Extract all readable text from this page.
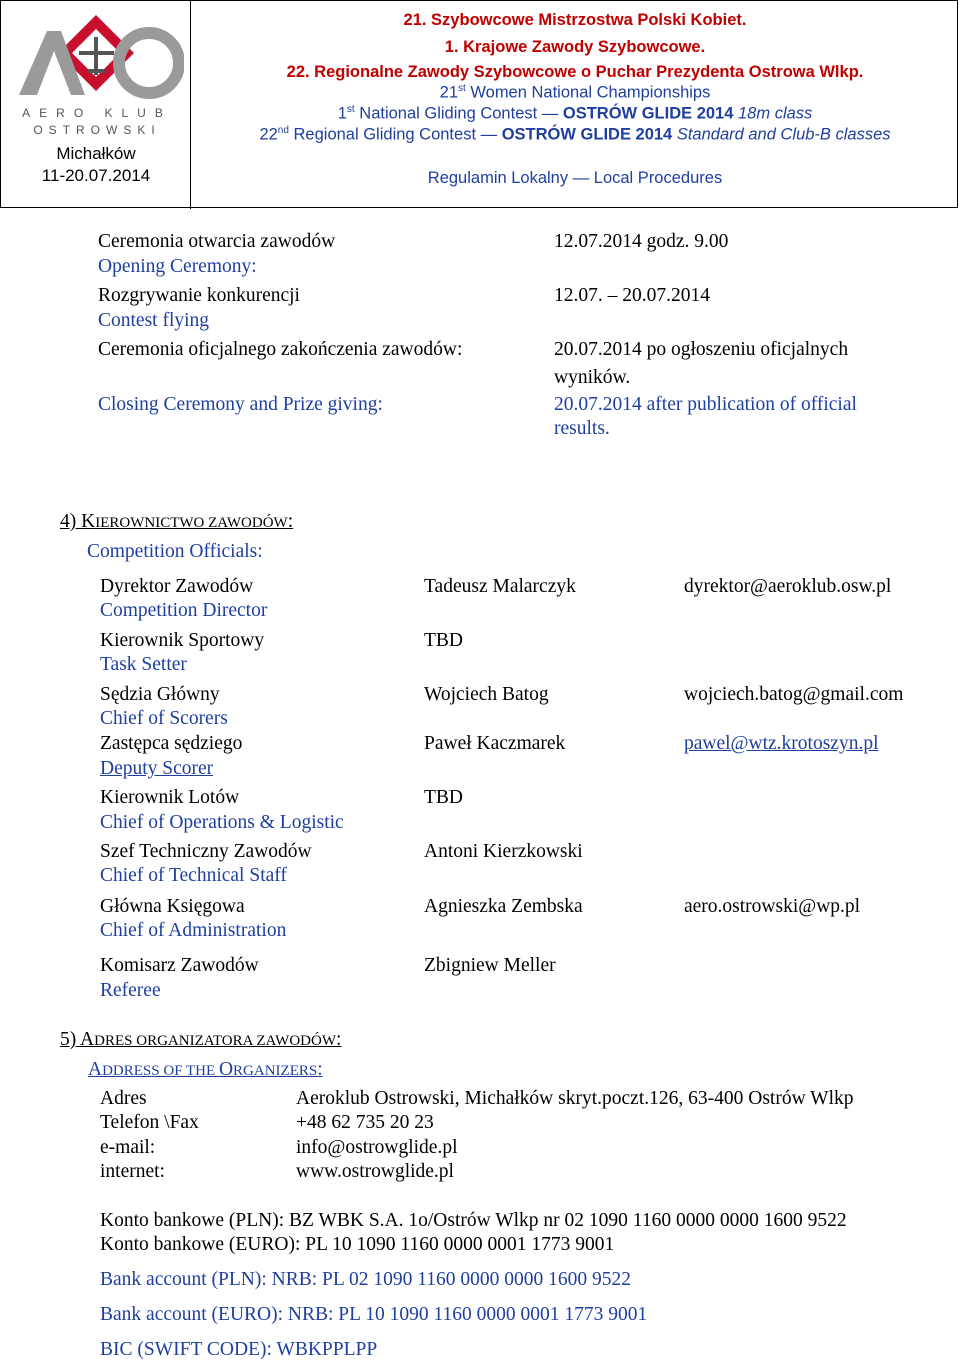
AERO KLUB
OSTROWSKI
Michałków
11-20.07.2014
21. Szybowcowe Mistrzostwa Polski Kobiet.
1. Krajowe Zawody Szybowcowe.
22. Regionalne Zawody Szybowcowe o Puchar Prezydenta Ostrowa Wlkp.
21st Women National Championships
1st National Gliding Contest — OSTRÓW GLIDE 2014 18m class
22nd Regional Gliding Contest — OSTRÓW GLIDE 2014 Standard and Club-B classes
Regulamin Lokalny — Local Procedures
Ceremonia otwarcia zawodów	12.07.2014 godz. 9.00
Opening Ceremony:
Rozgrywanie konkurencji	12.07. – 20.07.2014
Contest flying
Ceremonia oficjalnego zakończenia zawodów:	20.07.2014 po ogłoszeniu oficjalnych
wyników.
Closing Ceremony and Prize giving:	20.07.2014 after publication of official
results.
4) KIEROWNICTWO ZAWODÓW:
Competition Officials:
Dyrektor Zawodów
Competition Director
Tadeusz Malarczyk	dyrektor@aeroklub.osw.pl
Kierownik Sportowy
Task Setter
TBD
Sędzia Główny
Chief of Scorers
Wojciech Batog	wojciech.batog@gmail.com
Zastępca sędziego
Deputy Scorer
Paweł Kaczmarek	pawel@wtz.krotoszyn.pl
Kierownik Lotów
Chief of Operations & Logistic
TBD
Szef Techniczny Zawodów
Chief of Technical Staff
Antoni Kierzkowski
Główna Księgowa
Chief of Administration
Agnieszka Zembska	aero.ostrowski@wp.pl
Komisarz Zawodów
Referee
Zbigniew Meller
5) ADRES ORGANIZATORA ZAWODÓW:
ADDRESS OF THE ORGANIZERS:
Adres	Aeroklub Ostrowski, Michałków skryt.poczt.126, 63-400 Ostrów Wlkp
Telefon \Fax	+48 62 735 20 23
e-mail:	info@ostrowglide.pl
internet:	www.ostrowglide.pl
Konto bankowe (PLN): BZ WBK S.A. 1o/Ostrów Wlkp nr 02 1090 1160 0000 0000 1600 9522
Konto bankowe (EURO): PL 10 1090 1160 0000 0001 1773 9001
Bank account (PLN): NRB: PL 02 1090 1160 0000 0000 1600 9522
Bank account (EURO): NRB: PL 10 1090 1160 0000 0001 1773 9001
BIC (SWIFT CODE): WBKPPLPP
